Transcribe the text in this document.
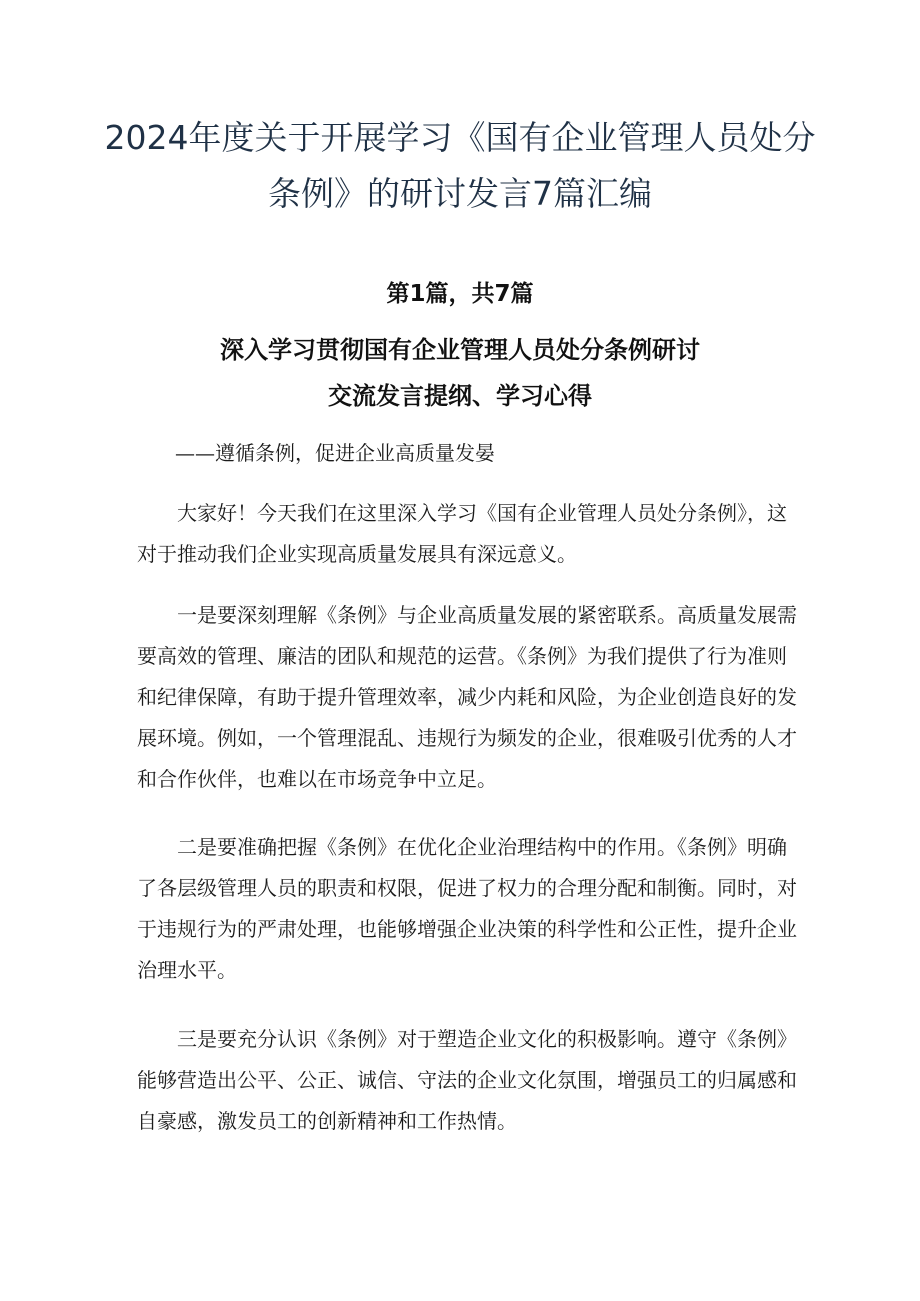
2024年度关于开展学习《国有企业管理人员处分条例》的研讨发言7篇汇编
第1篇，共7篇
深入学习贯彻国有企业管理人员处分条例研讨
交流发言提纲、学习心得

——遵循条例，促进企业高质量发晏

大家好！今天我们在这里深入学习《国有企业管理人员处分条例》，这对于推动我们企业实现高质量发展具有深远意义。

一是要深刻理解《条例》与企业高质量发展的紧密联系。高质量发展需要高效的管理、廉洁的团队和规范的运营。《条例》为我们提供了行为准则和纪律保障，有助于提升管理效率，减少内耗和风险，为企业创造良好的发展环境。例如，一个管理混乱、违规行为频发的企业，很难吸引优秀的人才和合作伙伴，也难以在市场竞争中立足。

二是要准确把握《条例》在优化企业治理结构中的作用。《条例》明确了各层级管理人员的职责和权限，促进了权力的合理分配和制衡。同时，对于违规行为的严肃处理，也能够增强企业决策的科学性和公正性，提升企业治理水平。

三是要充分认识《条例》对于塑造企业文化的积极影响。遵守《条例》能够营造出公平、公正、诚信、守法的企业文化氛围，增强员工的归属感和自豪感，激发员工的创新精神和工作热情。
